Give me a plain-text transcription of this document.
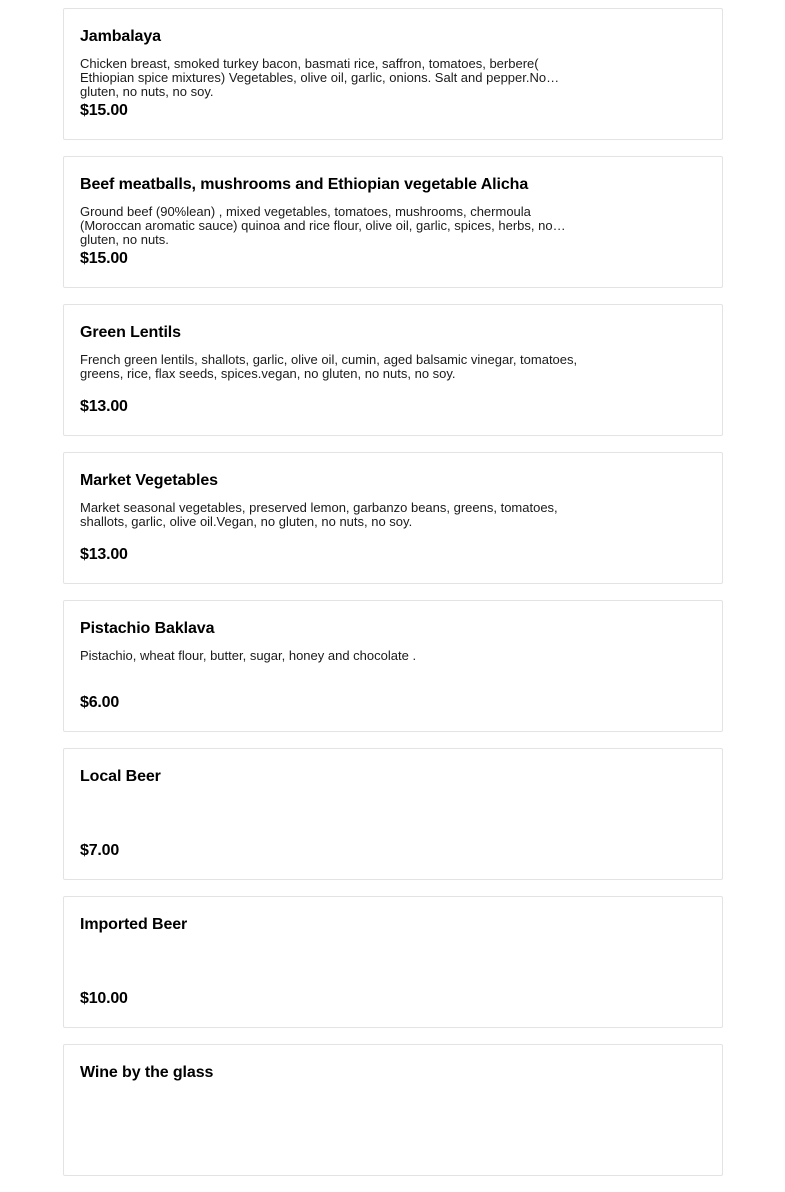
Jambalaya
Chicken breast, smoked turkey bacon, basmati rice, saffron, tomatoes, berbere( Ethiopian spice mixtures) Vegetables, olive oil, garlic, onions. Salt and pepper.No gluten, no nuts, no soy.
$15.00
Beef meatballs, mushrooms and Ethiopian vegetable Alicha
Ground beef (90%lean) , mixed vegetables, tomatoes, mushrooms, chermoula (Moroccan aromatic sauce) quinoa and rice flour, olive oil, garlic, spices, herbs, no gluten, no nuts.
$15.00
Green Lentils
French green lentils, shallots, garlic, olive oil, cumin, aged balsamic vinegar, tomatoes, greens, rice, flax seeds, spices.vegan, no gluten, no nuts, no soy.
$13.00
Market Vegetables
Market seasonal vegetables, preserved lemon, garbanzo beans, greens, tomatoes, shallots, garlic, olive oil.Vegan, no gluten, no nuts, no soy.
$13.00
Pistachio Baklava
Pistachio, wheat flour, butter, sugar, honey and chocolate .
$6.00
Local Beer
$7.00
Imported Beer
$10.00
Wine by the glass
